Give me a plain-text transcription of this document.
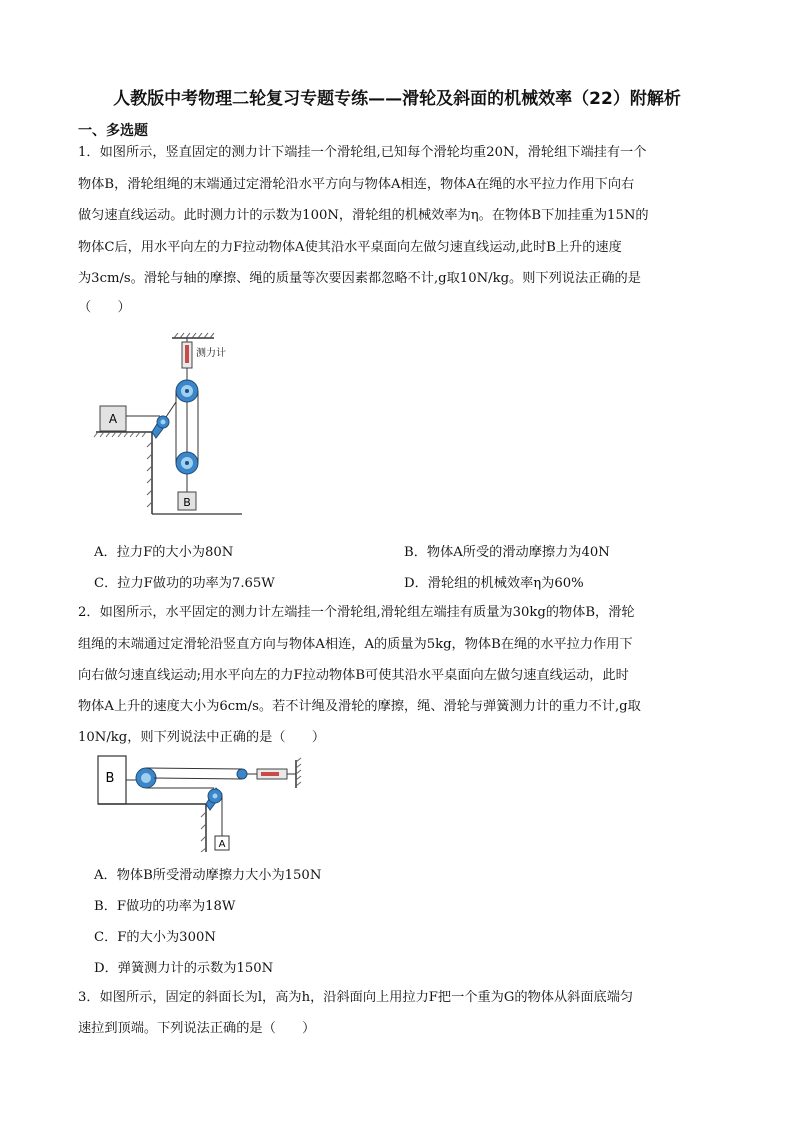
人教版中考物理二轮复习专题专练——滑轮及斜面的机械效率（22）附解析
一、多选题
1．如图所示，竖直固定的测力计下端挂一个滑轮组,已知每个滑轮均重20N，滑轮组下端挂有一个
物体B，滑轮组绳的末端通过定滑轮沿水平方向与物体A相连，物体A在绳的水平拉力作用下向右
做匀速直线运动。此时测力计的示数为100N，滑轮组的机械效率为η。在物体B下加挂重为15N的
物体C后，用水平向左的力F拉动物体A使其沿水平桌面向左做匀速直线运动,此时B上升的速度
为3cm/s。滑轮与轴的摩擦、绳的质量等次要因素都忽略不计,g取10N/kg。则下列说法正确的是
（　　）
测力计
A
B
A．拉力F的大小为80N	B．物体A所受的滑动摩擦力为40N
C．拉力F做功的功率为7.65W	D．滑轮组的机械效率η为60%
2．如图所示，水平固定的测力计左端挂一个滑轮组,滑轮组左端挂有质量为30kg的物体B，滑轮
组绳的末端通过定滑轮沿竖直方向与物体A相连，A的质量为5kg，物体B在绳的水平拉力作用下
向右做匀速直线运动;用水平向左的力F拉动物体B可使其沿水平桌面向左做匀速直线运动，此时
物体A上升的速度大小为6cm/s。若不计绳及滑轮的摩擦，绳、滑轮与弹簧测力计的重力不计,g取
10N/kg，则下列说法中正确的是（　　）
B
A
A．物体B所受滑动摩擦力大小为150N
B．F做功的功率为18W
C．F的大小为300N
D．弹簧测力计的示数为150N
3．如图所示，固定的斜面长为l，高为h，沿斜面向上用拉力F把一个重为G的物体从斜面底端匀
速拉到顶端。下列说法正确的是（　　）
